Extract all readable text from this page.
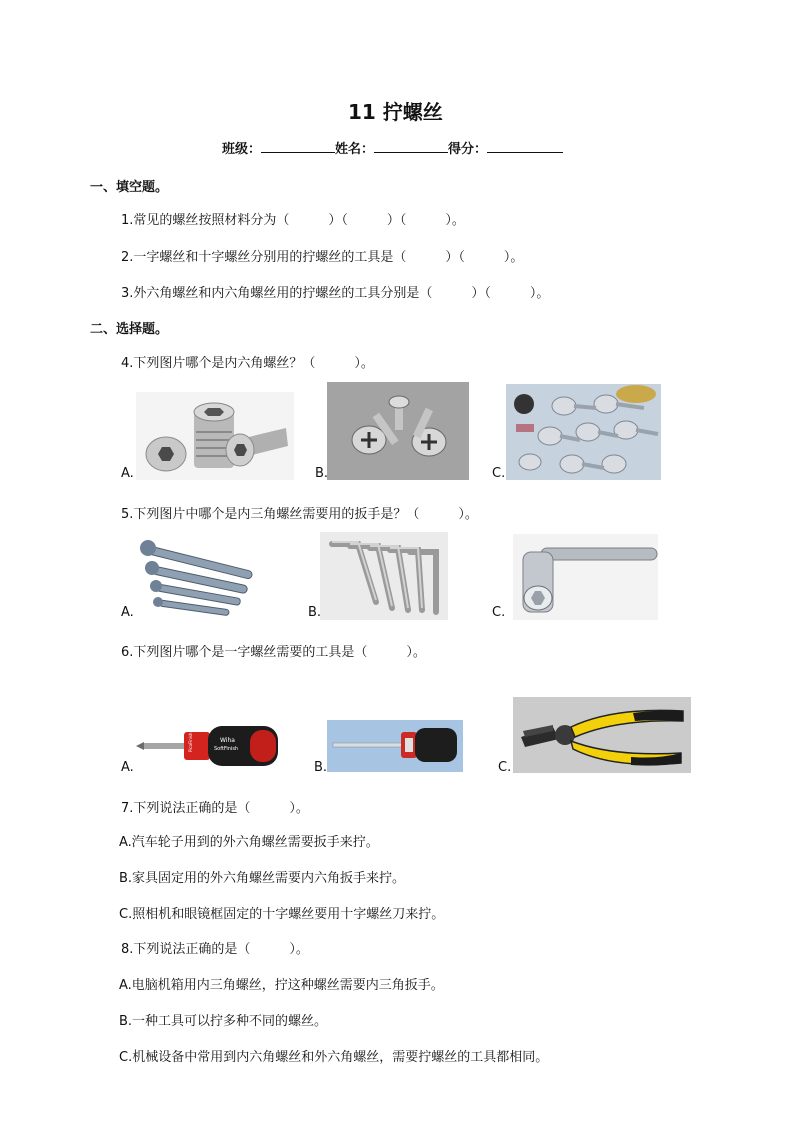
11 拧螺丝
班级：	姓名：	得分：
一、填空题。
1.常见的螺丝按照材料分为（　　　）（　　　）（　　　）。
2.一字螺丝和十字螺丝分别用的拧螺丝的工具是（　　　）（　　　）。
3.外六角螺丝和内六角螺丝用的拧螺丝的工具分别是（　　　）（　　　）。
二、选择题。
4.下列图片哪个是内六角螺丝？（　　　）。
A.	B.	C.
5.下列图片中哪个是内三角螺丝需要用的扳手是？（　　　）。
A.	B.	C.
6.下列图片哪个是一字螺丝需要的工具是（　　　）。
Wiha
SoftFinish
PicoFinish 311
A.	B.	C.
7.下列说法正确的是（　　　）。
A.汽车轮子用到的外六角螺丝需要扳手来拧。
B.家具固定用的外六角螺丝需要内六角扳手来拧。
C.照相机和眼镜框固定的十字螺丝要用十字螺丝刀来拧。
8.下列说法正确的是（　　　）。
A.电脑机箱用内三角螺丝，拧这种螺丝需要内三角扳手。
B.一种工具可以拧多种不同的螺丝。
C.机械设备中常用到内六角螺丝和外六角螺丝，需要拧螺丝的工具都相同。
